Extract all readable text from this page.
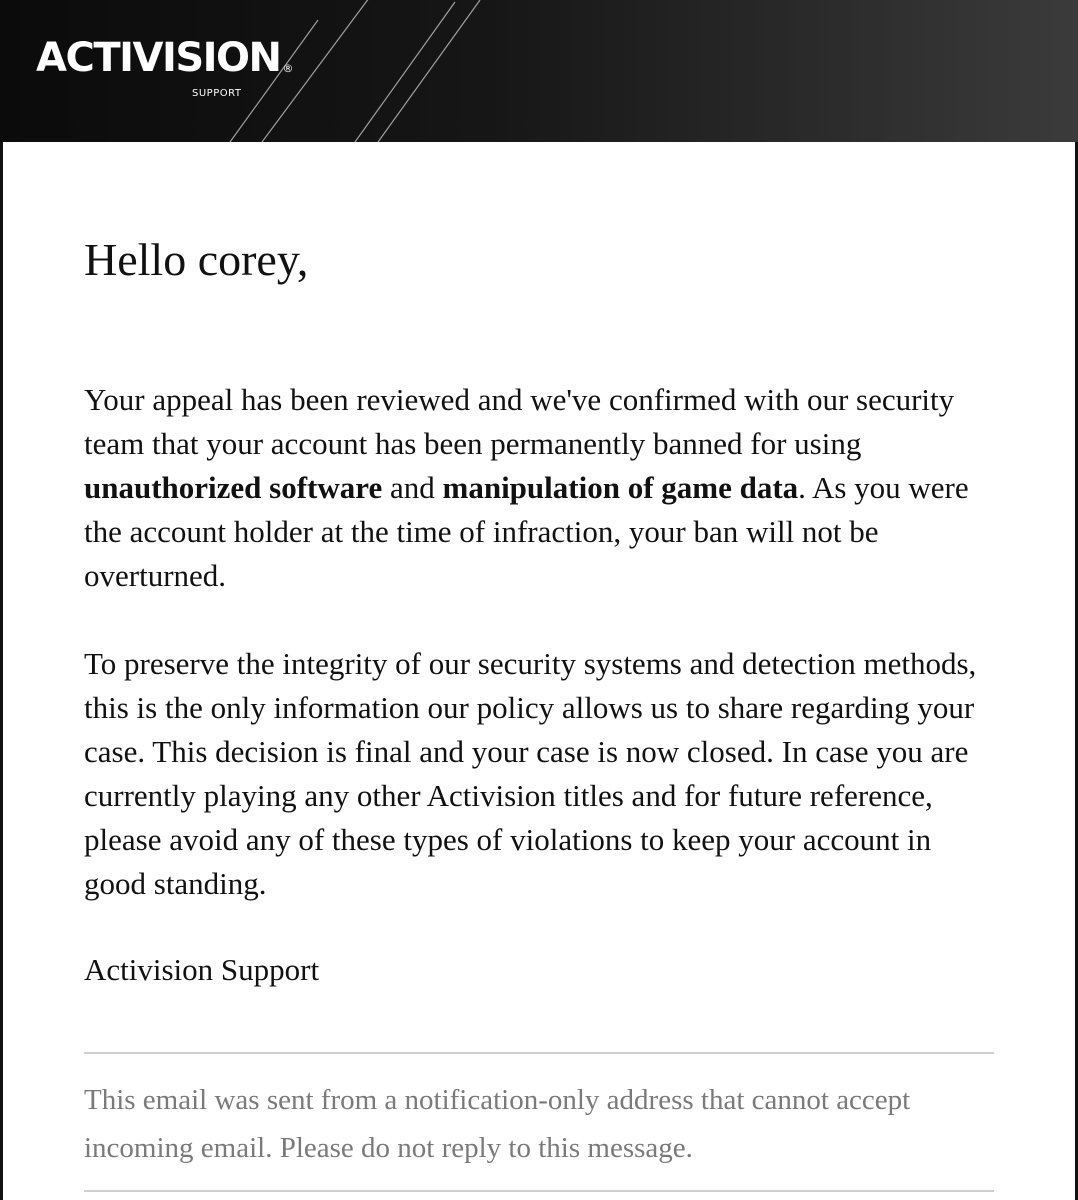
ACTIVISION ®
SUPPORT
Hello corey,

Your appeal has been reviewed and we've confirmed with our security team that your account has been permanently banned for using unauthorized software and manipulation of game data. As you were the account holder at the time of infraction, your ban will not be overturned.

To preserve the integrity of our security systems and detection methods, this is the only information our policy allows us to share regarding your case. This decision is final and your case is now closed. In case you are currently playing any other Activision titles and for future reference, please avoid any of these types of violations to keep your account in good standing.

Activision Support

This email was sent from a notification-only address that cannot accept incoming email. Please do not reply to this message.
